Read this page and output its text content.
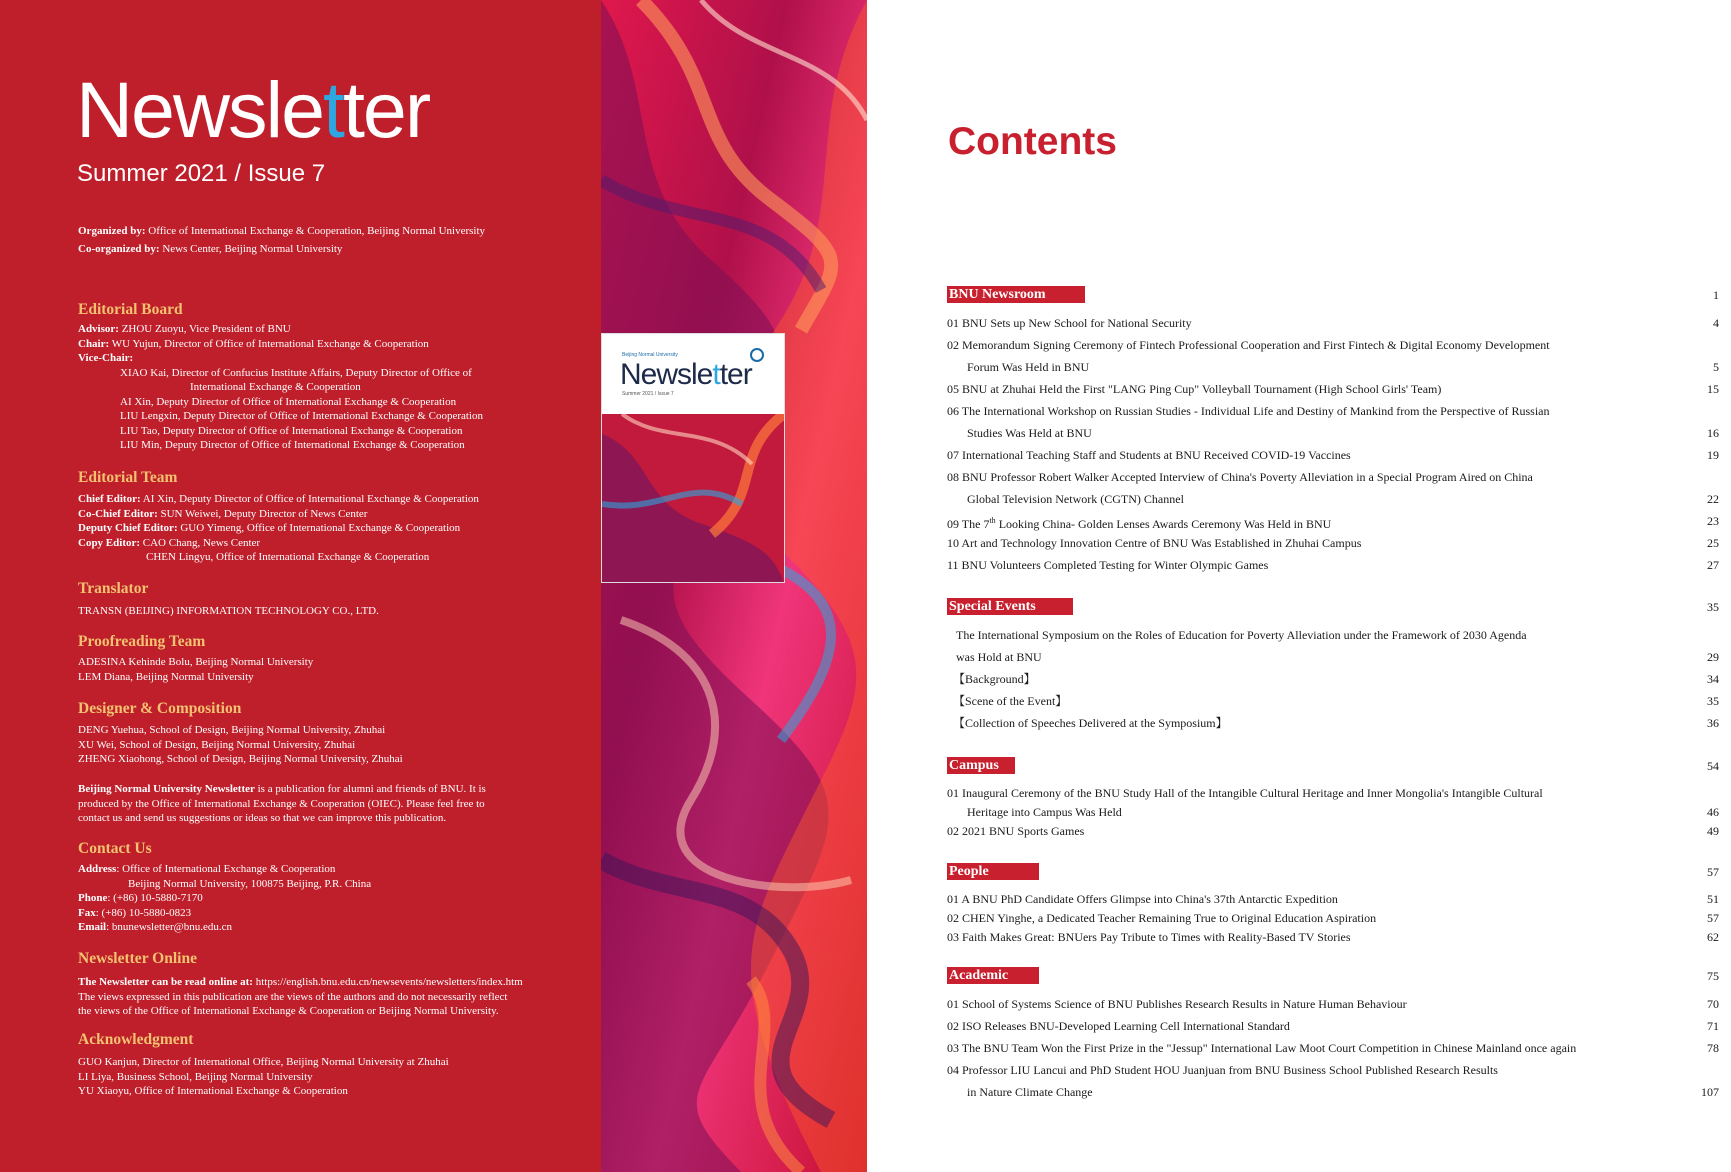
Newsletter
Summer 2021 / Issue 7
Organized by: Office of International Exchange & Cooperation, Beijing Normal University
Co-organized by: News Center, Beijing Normal University
Editorial Board
Advisor: ZHOU Zuoyu, Vice President of BNU
Chair: WU Yujun, Director of Office of International Exchange & Cooperation
Vice-Chair:
XIAO Kai, Director of Confucius Institute Affairs, Deputy Director of Office of
International Exchange & Cooperation
AI Xin, Deputy Director of Office of International Exchange & Cooperation
LIU Lengxin, Deputy Director of Office of International Exchange & Cooperation
LIU Tao, Deputy Director of Office of International Exchange & Cooperation
LIU Min, Deputy Director of Office of International Exchange & Cooperation
Editorial Team
Chief Editor: AI Xin, Deputy Director of Office of International Exchange & Cooperation
Co-Chief Editor: SUN Weiwei, Deputy Director of News Center
Deputy Chief Editor: GUO Yimeng, Office of International Exchange & Cooperation
Copy Editor: CAO Chang, News Center
CHEN Lingyu, Office of International Exchange & Cooperation
Translator
TRANSN (BEIJING) INFORMATION TECHNOLOGY CO., LTD.
Proofreading Team
ADESINA Kehinde Bolu, Beijing Normal University
LEM Diana, Beijing Normal University
Designer & Composition
DENG Yuehua, School of Design, Beijing Normal University, Zhuhai
XU Wei, School of Design, Beijing Normal University, Zhuhai
ZHENG Xiaohong, School of Design, Beijing Normal University, Zhuhai
Beijing Normal University Newsletter is a publication for alumni and friends of BNU. It is
produced by the Office of International Exchange & Cooperation (OIEC). Please feel free to
contact us and send us suggestions or ideas so that we can improve this publication.
Contact Us
Address: Office of International Exchange & Cooperation
Beijing Normal University, 100875 Beijing, P.R. China
Phone: (+86) 10-5880-7170
Fax: (+86) 10-5880-0823
Email: bnunewsletter@bnu.edu.cn
Newsletter Online
The Newsletter can be read online at: https://english.bnu.edu.cn/newsevents/newsletters/index.htm
The views expressed in this publication are the views of the authors and do not necessarily reflect
the views of the Office of International Exchange & Cooperation or Beijing Normal University.
Acknowledgment
GUO Kanjun, Director of International Office, Beijing Normal University at Zhuhai
LI Liya, Business School, Beijing Normal University
YU Xiaoyu, Office of International Exchange & Cooperation
Beijing Normal University
Newsletter
Summer 2021 / Issue 7
Contents
BNU Newsroom	1
01 BNU Sets up New School for National Security	4
02 Memorandum Signing Ceremony of Fintech Professional Cooperation and First Fintech & Digital Economy Development
Forum Was Held in BNU	5
05 BNU at Zhuhai Held the First "LANG Ping Cup" Volleyball Tournament (High School Girls' Team)	15
06 The International Workshop on Russian Studies - Individual Life and Destiny of Mankind from the Perspective of Russian
Studies Was Held at BNU	16
07 International Teaching Staff and Students at BNU Received COVID-19 Vaccines	19
08 BNU Professor Robert Walker Accepted Interview of China's Poverty Alleviation in a Special Program Aired on China
Global Television Network (CGTN) Channel	22
09 The 7th Looking China- Golden Lenses Awards Ceremony Was Held in BNU	23
10 Art and Technology Innovation Centre of BNU Was Established in Zhuhai Campus	25
11 BNU Volunteers Completed Testing for Winter Olympic Games	27
Special Events	35
The International Symposium on the Roles of Education for Poverty Alleviation under the Framework of 2030 Agenda
was Hold at BNU	29
【Background】	34
【Scene of the Event】	35
【Collection of Speeches Delivered at the Symposium】	36
Campus	54
01 Inaugural Ceremony of the BNU Study Hall of the Intangible Cultural Heritage and Inner Mongolia's Intangible Cultural
Heritage into Campus Was Held	46
02 2021 BNU Sports Games	49
People	57
01 A BNU PhD Candidate Offers Glimpse into China's 37th Antarctic Expedition	51
02 CHEN Yinghe, a Dedicated Teacher Remaining True to Original Education Aspiration	57
03 Faith Makes Great: BNUers Pay Tribute to Times with Reality-Based TV Stories	62
Academic	75
01 School of Systems Science of BNU Publishes Research Results in Nature Human Behaviour	70
02 ISO Releases BNU-Developed Learning Cell International Standard	71
03 The BNU Team Won the First Prize in the "Jessup" International Law Moot Court Competition in Chinese Mainland once again	78
04 Professor LIU Lancui and PhD Student HOU Juanjuan from BNU Business School Published Research Results
in Nature Climate Change	107
